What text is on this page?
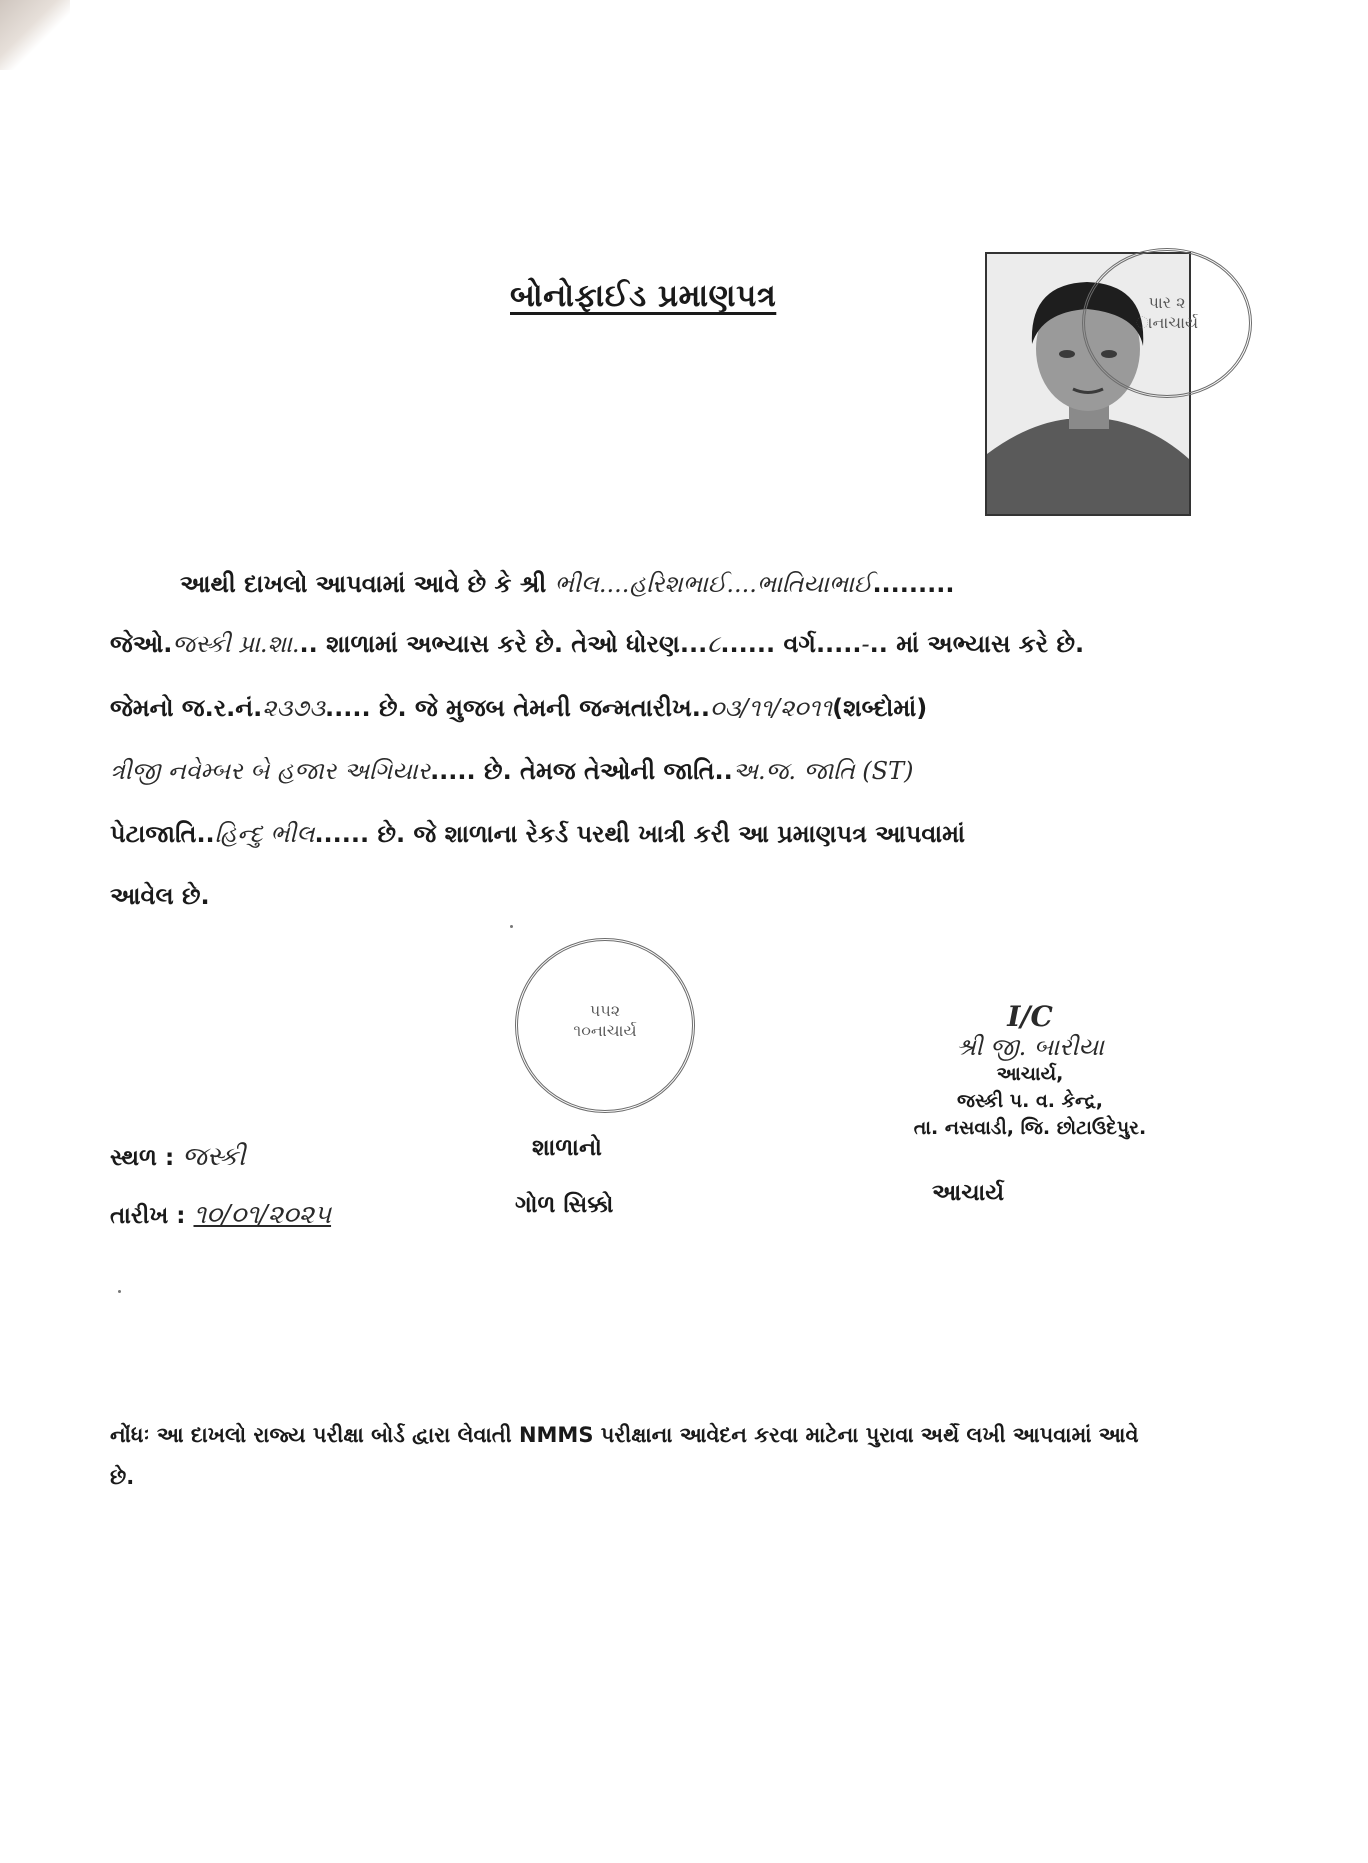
બોનોફાઈડ પ્રમાણપત્ર	પાર ૨
ાનાચાર્ય
આથી દાખલો આપવામાં આવે છે કે શ્રી ભીલ....હરિશભાઈ....ભાતિયાભાઈ.........
જેઓ.જસ્કી પ્રા.શા... શાળામાં અભ્યાસ કરે છે. તેઓ ધોરણ...૮...... વર્ગ.....-.. માં અભ્યાસ કરે છે.
જેમનો જ.ર.નં.૨૩૭૩..... છે. જે મુજબ તેમની જન્મતારીખ..૦૩/૧૧/૨૦૧૧(શબ્દોમાં)
ત્રીજી નવેમ્બર બે હજાર અગિયાર..... છે. તેમજ તેઓની જાતિ..અ.જ. જાતિ (ST)
પેટાજાતિ..હિન્દુ ભીલ...... છે. જે શાળાના રેકર્ડ પરથી ખાત્રી કરી આ પ્રમાણપત્ર આપવામાં
આવેલ છે.
પ૫૨
૧૦નાચાર્ય
સ્થળ : જસ્કી
તારીખ : ૧૦/૦૧/૨૦૨૫
શાળાનો
ગોળ સિક્કો
I/C
શ્રી જી. બારીયા
આચાર્ય,
જસ્કી પ. વ. કેન્દ્ર,
તા. નસવાડી, જિ. છોટાઉદેપુર.
આચાર્ય
નોંધઃ આ દાખલો રાજ્ય પરીક્ષા બોર્ડ દ્વારા લેવાતી NMMS પરીક્ષાના આવેદન કરવા માટેના પુરાવા અર્થે લખી આપવામાં આવે છે.
